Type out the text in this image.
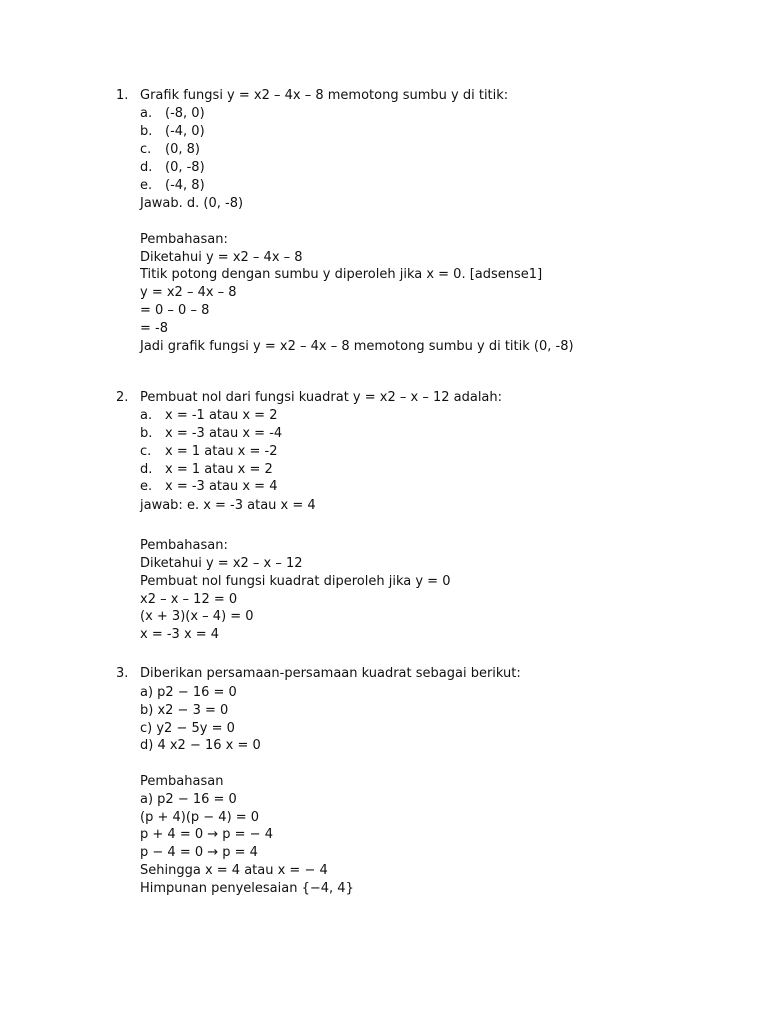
1. Grafik fungsi y = x2 – 4x – 8 memotong sumbu y di titik:
a. (-8, 0)
b. (-4, 0)
c. (0, 8)
d. (0, -8)
e. (-4, 8)
Jawab. d. (0, -8)
Pembahasan:
Diketahui y = x2 – 4x – 8
Titik potong dengan sumbu y diperoleh jika x = 0. [adsense1]
y = x2 – 4x – 8
= 0 – 0 – 8
= -8
Jadi grafik fungsi y = x2 – 4x – 8 memotong sumbu y di titik (0, -8)
2. Pembuat nol dari fungsi kuadrat y = x2 – x – 12 adalah:
a. x = -1 atau x = 2
b. x = -3 atau x = -4
c. x = 1 atau x = -2
d. x = 1 atau x = 2
e. x = -3 atau x = 4
jawab: e. x = -3 atau x = 4
Pembahasan:
Diketahui y = x2 – x – 12
Pembuat nol fungsi kuadrat diperoleh jika y = 0
x2 – x – 12 = 0
(x + 3)(x – 4) = 0
x = -3 x = 4
3. Diberikan persamaan-persamaan kuadrat sebagai berikut:
a) p2 − 16 = 0
b) x2 − 3 = 0
c) y2 − 5y = 0
d) 4 x2 − 16 x = 0
Pembahasan
a) p2 − 16 = 0
(p + 4)(p − 4) = 0
p + 4 = 0 → p = − 4
p − 4 = 0 → p = 4
Sehingga x = 4 atau x = − 4
Himpunan penyelesaian {−4, 4}
